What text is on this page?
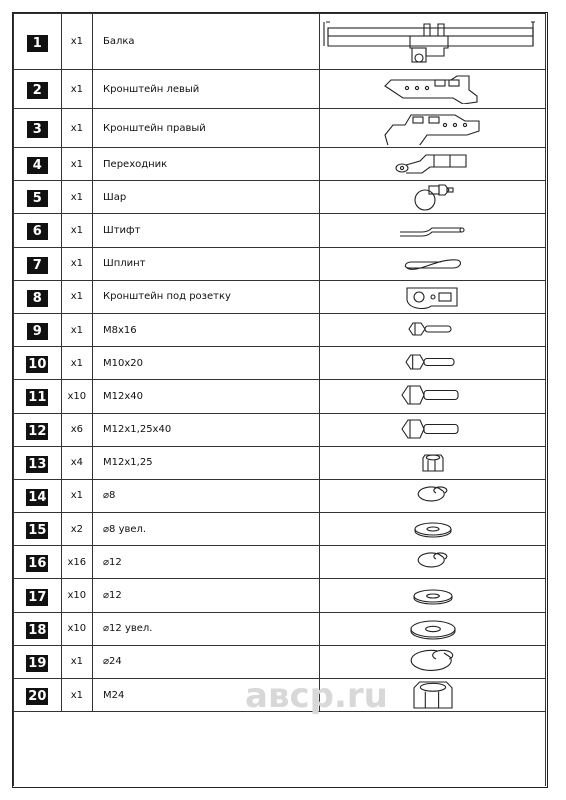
1	x1	Балка	

2	x1	Кронштейн левый	

3	x1	Кронштейн правый	

4	x1	Переходник	

5	x1	Шар	

6	x1	Штифт	

7	x1	Шплинт	

8	x1	Кронштейн под розетку	

9	x1	M8x16	

10	x1	M10x20	

11	x10	M12x40	

12	x6	M12x1,25x40	

13	x4	M12x1,25	

14	x1	⌀8	

15	x2	⌀8 увел.	

16	x16	⌀12	

17	x10	⌀12	

18	x10	⌀12 увел.	

19	x1	⌀24	

20	x1	M24		авср.ru
